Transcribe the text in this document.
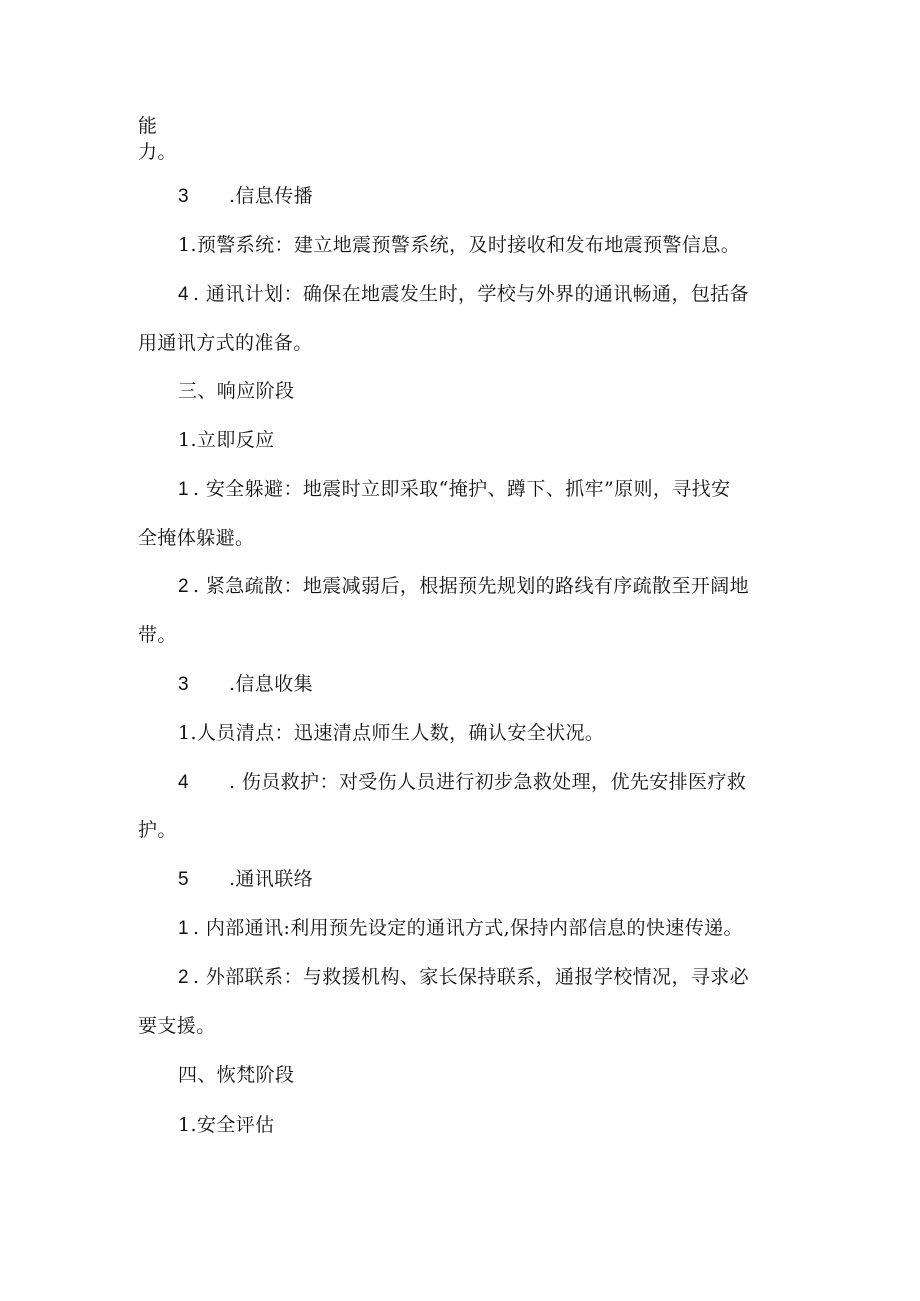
能
力。
3 .信息传播
1.预警系统：建立地震预警系统，及时接收和发布地震预警信息。
4 . 通讯计划：确保在地震发生时，学校与外界的通讯畅通，包括备
用通讯方式的准备。
三、响应阶段
1.立即反应
1 . 安全躲避：地震时立即采取“掩护、蹲下、抓牢”原则，寻找安
全掩体躲避。
2 . 紧急疏散：地震减弱后，根据预先规划的路线有序疏散至开阔地
带。
3 .信息收集
1.人员清点：迅速清点师生人数，确认安全状况。
4 . 伤员救护：对受伤人员进行初步急救处理，优先安排医疗救
护。
5 .通讯联络
1 . 内部通讯:利用预先设定的通讯方式,保持内部信息的快速传递。
2 . 外部联系：与救援机构、家长保持联系，通报学校情况，寻求必
要支援。
四、恢梵阶段
1.安全评估
